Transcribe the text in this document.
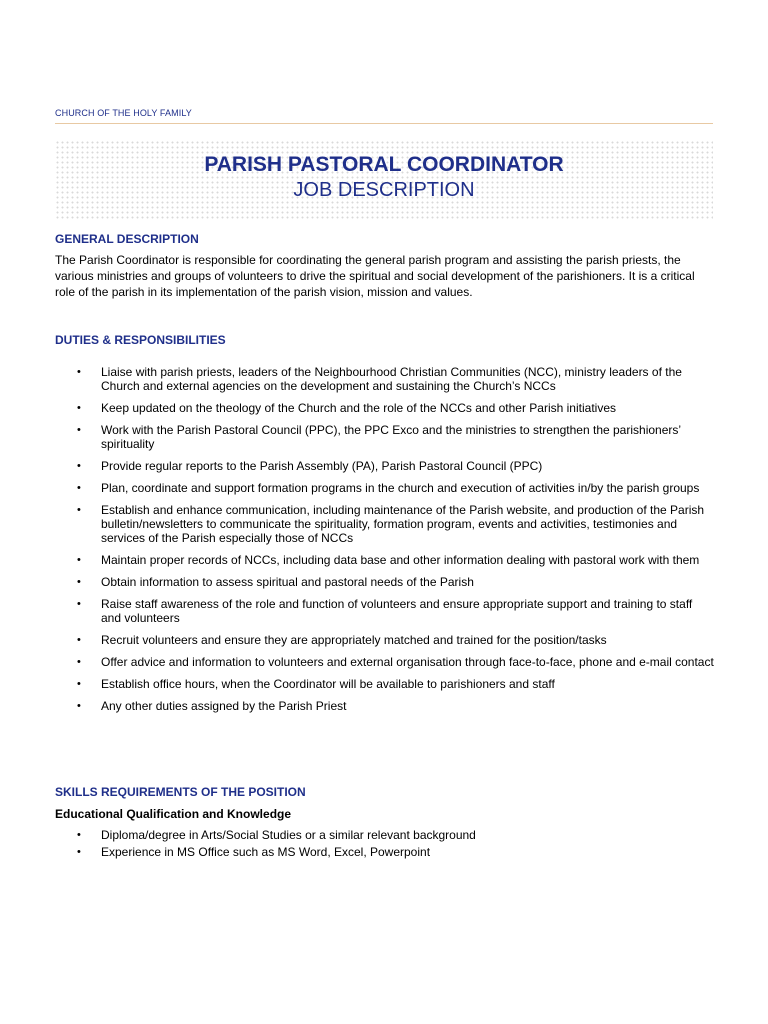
CHURCH OF THE HOLY FAMILY
PARISH PASTORAL COORDINATOR
JOB DESCRIPTION
GENERAL DESCRIPTION
The Parish Coordinator is responsible for coordinating the general parish program and assisting the parish priests, the various ministries and groups of volunteers to drive the spiritual and social development of the parishioners. It is a critical role of the parish in its implementation of the parish vision, mission and values.
DUTIES & RESPONSIBILITIES
• Liaise with parish priests, leaders of the Neighbourhood Christian Communities (NCC), ministry leaders of the Church and external agencies on the development and sustaining the Church’s NCCs
• Keep updated on the theology of the Church and the role of the NCCs and other Parish initiatives
• Work with the Parish Pastoral Council (PPC), the PPC Exco and the ministries to strengthen the parishioners’ spirituality
• Provide regular reports to the Parish Assembly (PA), Parish Pastoral Council (PPC)
• Plan, coordinate and support formation programs in the church and execution of activities in/by the parish groups
• Establish and enhance communication, including maintenance of the Parish website, and production of the Parish bulletin/newsletters to communicate the spirituality, formation program, events and activities, testimonies and services of the Parish especially those of NCCs
• Maintain proper records of NCCs, including data base and other information dealing with pastoral work with them
• Obtain information to assess spiritual and pastoral needs of the Parish
• Raise staff awareness of the role and function of volunteers and ensure appropriate support and training to staff and volunteers
• Recruit volunteers and ensure they are appropriately matched and trained for the position/tasks
• Offer advice and information to volunteers and external organisation through face-to-face, phone and e-mail contact
• Establish office hours, when the Coordinator will be available to parishioners and staff
• Any other duties assigned by the Parish Priest
SKILLS REQUIREMENTS OF THE POSITION
Educational Qualification and Knowledge
• Diploma/degree in Arts/Social Studies or a similar relevant background
• Experience in MS Office such as MS Word, Excel, Powerpoint
